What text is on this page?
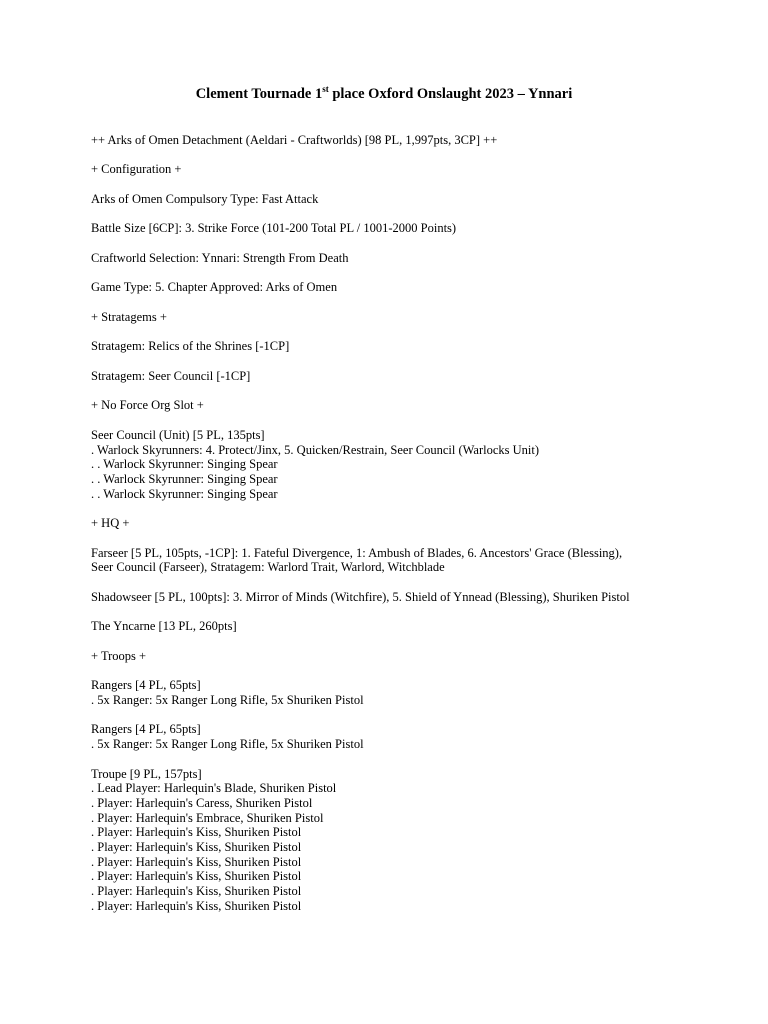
Clement Tournade 1st place Oxford Onslaught 2023 – Ynnari
++ Arks of Omen Detachment (Aeldari - Craftworlds) [98 PL, 1,997pts, 3CP] ++
+ Configuration +
Arks of Omen Compulsory Type: Fast Attack
Battle Size [6CP]: 3. Strike Force (101-200 Total PL / 1001-2000 Points)
Craftworld Selection: Ynnari: Strength From Death
Game Type: 5. Chapter Approved: Arks of Omen
+ Stratagems +
Stratagem: Relics of the Shrines [-1CP]
Stratagem: Seer Council [-1CP]
+ No Force Org Slot +
Seer Council (Unit) [5 PL, 135pts]
. Warlock Skyrunners: 4. Protect/Jinx, 5. Quicken/Restrain, Seer Council (Warlocks Unit)
. . Warlock Skyrunner: Singing Spear
. . Warlock Skyrunner: Singing Spear
. . Warlock Skyrunner: Singing Spear
+ HQ +
Farseer [5 PL, 105pts, -1CP]: 1. Fateful Divergence, 1: Ambush of Blades, 6. Ancestors' Grace (Blessing),
Seer Council (Farseer), Stratagem: Warlord Trait, Warlord, Witchblade
Shadowseer [5 PL, 100pts]: 3. Mirror of Minds (Witchfire), 5. Shield of Ynnead (Blessing), Shuriken Pistol
The Yncarne [13 PL, 260pts]
+ Troops +
Rangers [4 PL, 65pts]
. 5x Ranger: 5x Ranger Long Rifle, 5x Shuriken Pistol
Rangers [4 PL, 65pts]
. 5x Ranger: 5x Ranger Long Rifle, 5x Shuriken Pistol
Troupe [9 PL, 157pts]
. Lead Player: Harlequin's Blade, Shuriken Pistol
. Player: Harlequin's Caress, Shuriken Pistol
. Player: Harlequin's Embrace, Shuriken Pistol
. Player: Harlequin's Kiss, Shuriken Pistol
. Player: Harlequin's Kiss, Shuriken Pistol
. Player: Harlequin's Kiss, Shuriken Pistol
. Player: Harlequin's Kiss, Shuriken Pistol
. Player: Harlequin's Kiss, Shuriken Pistol
. Player: Harlequin's Kiss, Shuriken Pistol
